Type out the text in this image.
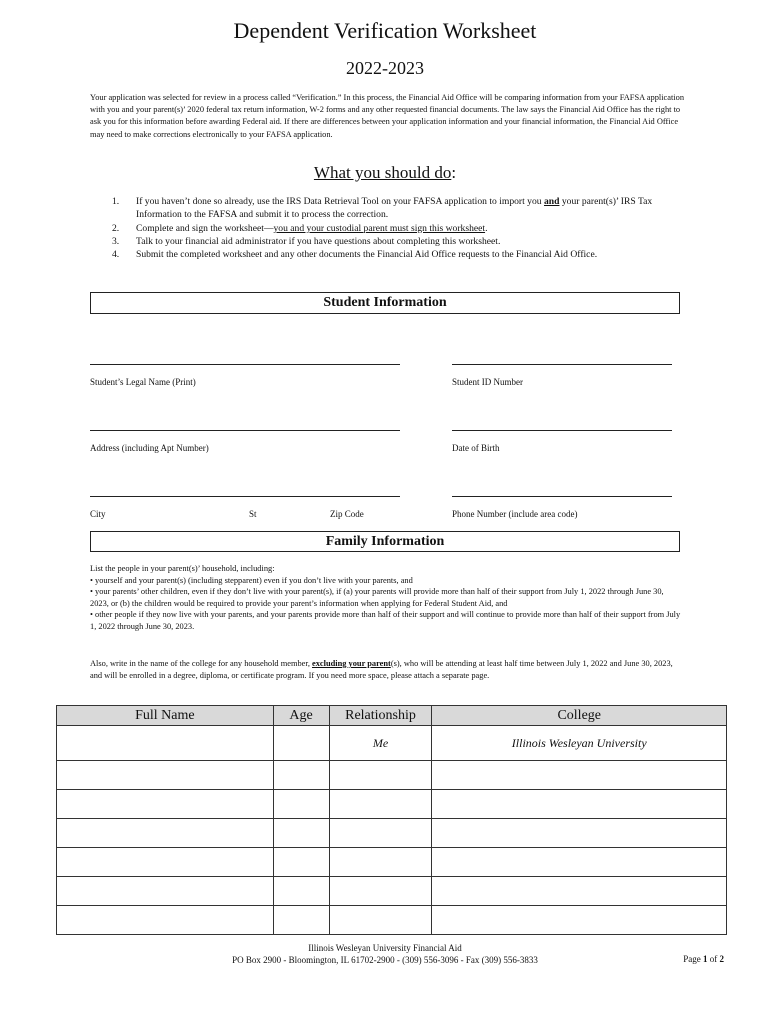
Dependent Verification Worksheet
2022-2023
Your application was selected for review in a process called “Verification.” In this process, the Financial Aid Office will be comparing information from your FAFSA application with you and your parent(s)’ 2020 federal tax return information, W-2 forms and any other requested financial documents. The law says the Financial Aid Office has the right to ask you for this information before awarding Federal aid. If there are differences between your application information and your financial information, the Financial Aid Office may need to make corrections electronically to your FAFSA application.
What you should do:
1. If you haven’t done so already, use the IRS Data Retrieval Tool on your FAFSA application to import you and your parent(s)’ IRS Tax Information to the FAFSA and submit it to process the correction.
2. Complete and sign the worksheet—you and your custodial parent must sign this worksheet.
3. Talk to your financial aid administrator if you have questions about completing this worksheet.
4. Submit the completed worksheet and any other documents the Financial Aid Office requests to the Financial Aid Office.
Student Information
Student’s Legal Name (Print)	Student ID Number
Address (including Apt Number)	Date of Birth
City	St	Zip Code	Phone Number (include area code)
Family Information
List the people in your parent(s)’ household, including:
• yourself and your parent(s) (including stepparent) even if you don’t live with your parents, and
• your parents’ other children, even if they don’t live with your parent(s), if (a) your parents will provide more than half of their support from July 1, 2022 through June 30, 2023, or (b) the children would be required to provide your parent’s information when applying for Federal Student Aid, and
• other people if they now live with your parents, and your parents provide more than half of their support and will continue to provide more than half of their support from July 1, 2022 through June 30, 2023.
Also, write in the name of the college for any household member, excluding your parent(s), who will be attending at least half time between July 1, 2022 and June 30, 2023, and will be enrolled in a degree, diploma, or certificate program. If you need more space, please attach a separate page.
Full Name	Age	Relationship	College
		Me	Illinois Wesleyan University

Illinois Wesleyan University Financial Aid
PO Box 2900 - Bloomington, IL 61702-2900 - (309) 556-3096 - Fax (309) 556-3833	Page 1 of 2
